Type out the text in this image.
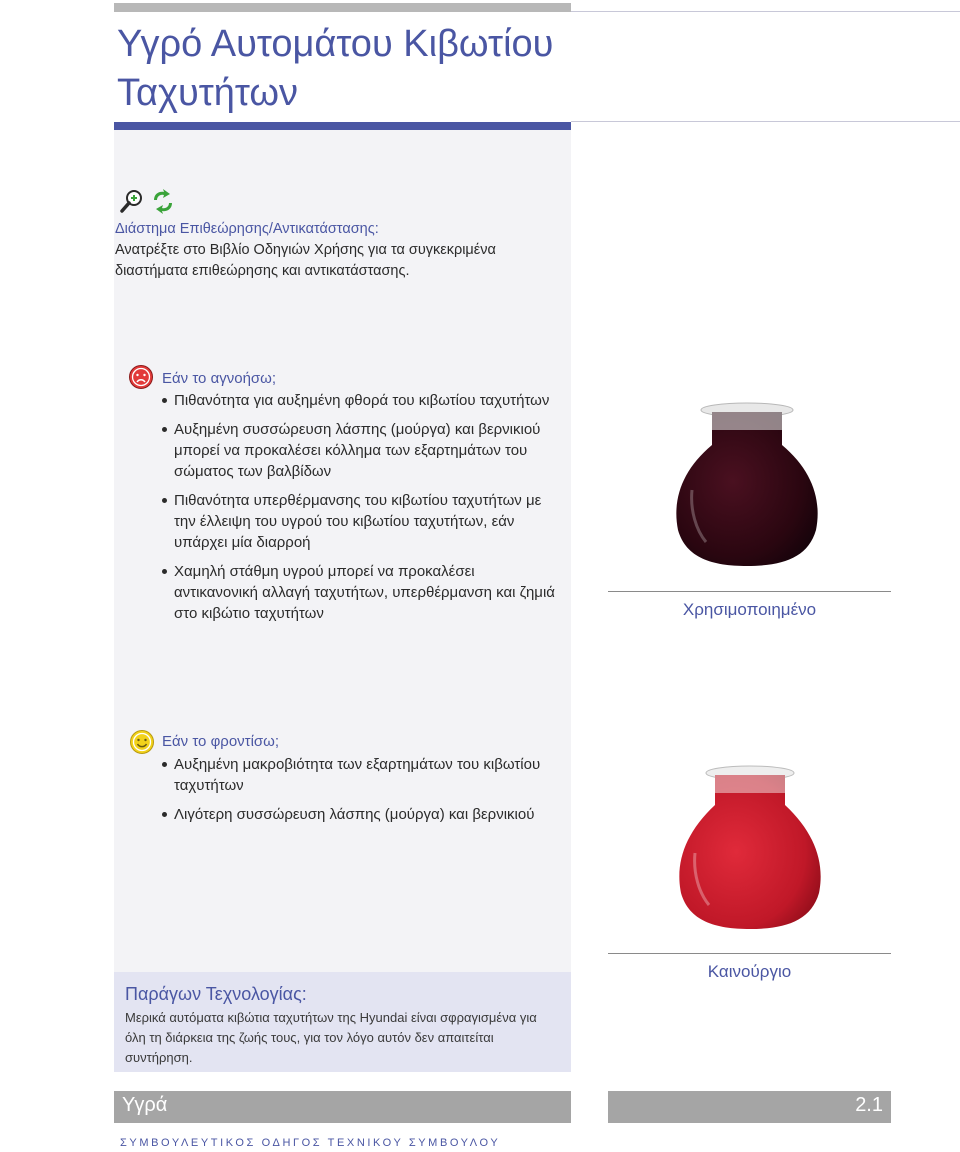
Υγρό Αυτομάτου Κιβωτίου
Ταχυτήτων
Διάστημα Επιθεώρησης/Αντικατάστασης:
Ανατρέξτε στο Βιβλίο Οδηγιών Χρήσης για τα συγκεκριμένα διαστήματα επιθεώρησης και αντικατάστασης.
Εάν το αγνοήσω;
Πιθανότητα για αυξημένη φθορά του κιβωτίου ταχυτήτων
Αυξημένη συσσώρευση λάσπης (μούργα) και βερνικιού μπορεί να προκαλέσει κόλλημα των εξαρτημάτων του σώματος των βαλβίδων
Πιθανότητα υπερθέρμανσης του κιβωτίου ταχυτήτων με την έλλειψη του υγρού του κιβωτίου ταχυτήτων, εάν υπάρχει μία διαρροή
Χαμηλή στάθμη υγρού μπορεί να προκαλέσει αντικανονική αλλαγή ταχυτήτων, υπερθέρμανση και ζημιά στο κιβώτιο ταχυτήτων
Εάν το φροντίσω;
Αυξημένη μακροβιότητα των εξαρτημάτων του κιβωτίου ταχυτήτων
Λιγότερη συσσώρευση λάσπης (μούργα) και βερνικιού
Παράγων Τεχνολογίας:

Μερικά αυτόματα κιβώτια ταχυτήτων της Hyundai είναι σφραγισμένα για όλη τη διάρκεια της ζωής τους, για τον λόγο αυτόν δεν απαιτείται συντήρηση.

Χρησιμοποιημένο
Καινούργιο
Υγρά	2.1
ΣΥΜΒΟΥΛΕΥΤΙΚΟΣ ΟΔΗΓΟΣ ΤΕΧΝΙΚΟΥ ΣΥΜΒΟΥΛΟΥ
